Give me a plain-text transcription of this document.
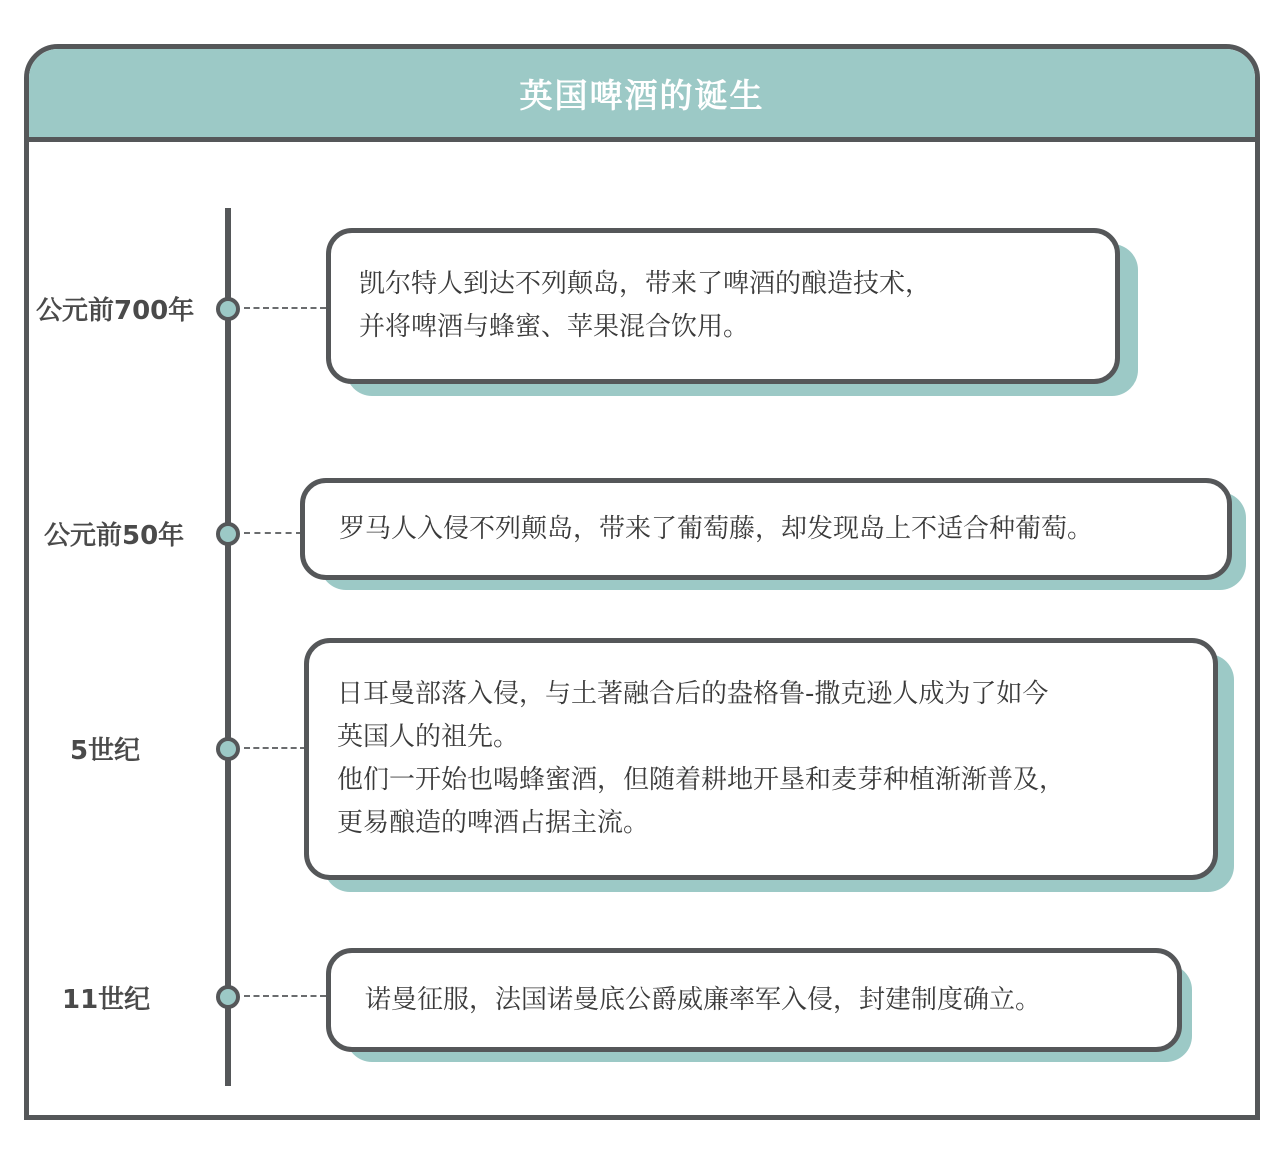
英国啤酒的诞生
公元前700年
凯尔特人到达不列颠岛，带来了啤酒的酿造技术，
并将啤酒与蜂蜜、苹果混合饮用。
公元前50年	罗马人入侵不列颠岛，带来了葡萄藤，却发现岛上不适合种葡萄。
5世纪
日耳曼部落入侵，与土著融合后的盎格鲁-撒克逊人成为了如今
英国人的祖先。
他们一开始也喝蜂蜜酒，但随着耕地开垦和麦芽种植渐渐普及，
更易酿造的啤酒占据主流。
11世纪	诺曼征服，法国诺曼底公爵威廉率军入侵，封建制度确立。
